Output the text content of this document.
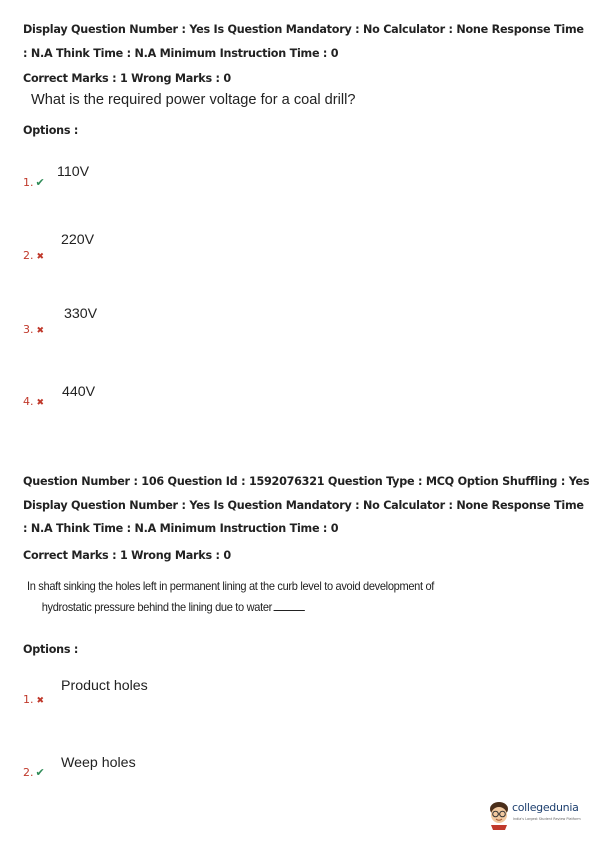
Display Question Number : Yes Is Question Mandatory : No Calculator : None Response Time
: N.A Think Time : N.A Minimum Instruction Time : 0
Correct Marks : 1 Wrong Marks : 0
What is the required power voltage for a coal drill?
Options :
1. ✔
110V
2. ✖
220V
3. ✖
330V
4. ✖
440V
Question Number : 106 Question Id : 1592076321 Question Type : MCQ Option Shuffling : Yes
Display Question Number : Yes Is Question Mandatory : No Calculator : None Response Time
: N.A Think Time : N.A Minimum Instruction Time : 0
Correct Marks : 1 Wrong Marks : 0
In shaft sinking the holes left in permanent lining at the curb level to avoid development of
hydrostatic pressure behind the lining due to water
Options :
1. ✖
Product holes
2. ✔
Weep holes
collegedunia
India's Largest Student Review Platform
